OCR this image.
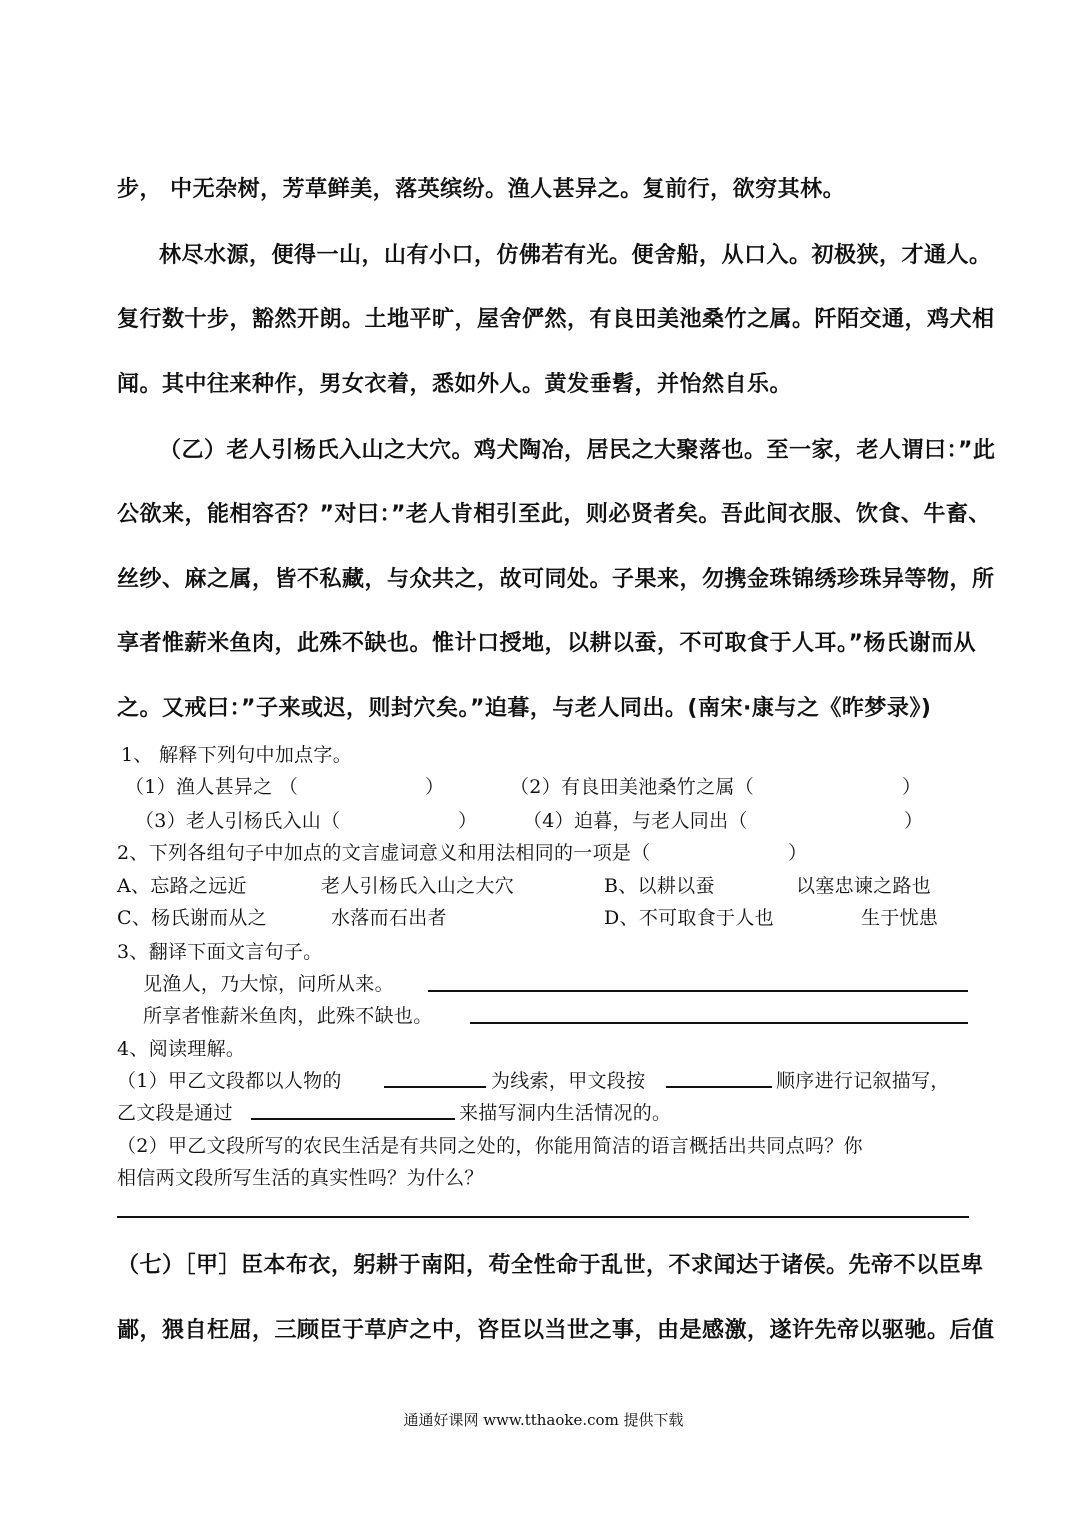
步， 中无杂树，芳草鲜美，落英缤纷。渔人甚异之。复前行，欲穷其林。
林尽水源，便得一山，山有小口，仿佛若有光。便舍船，从口入。初极狭，才通人。
复行数十步，豁然开朗。土地平旷，屋舍俨然，有良田美池桑竹之属。阡陌交通，鸡犬相
闻。其中往来种作，男女衣着，悉如外人。黄发垂髫，并怡然自乐。
（乙）老人引杨氏入山之大穴。鸡犬陶冶，居民之大聚落也。至一家，老人谓曰：”此
公欲来，能相容否？”对曰：”老人肯相引至此，则必贤者矣。吾此间衣服、饮食、牛畜、
丝纱、麻之属，皆不私藏，与众共之，故可同处。子果来，勿携金珠锦绣珍珠异等物，所
享者惟薪米鱼肉，此殊不缺也。惟计口授地，以耕以蚕，不可取食于人耳。”杨氏谢而从
之。又戒曰：”子来或迟，则封穴矣。”迫暮，与老人同出。(南宋·康与之《昨梦录》)
1、 解释下列句中加点字。
（1）渔人甚异之 （	）	（2）有良田美池桑竹之属（	）
（3）老人引杨氏入山（	） （4）迫暮，与老人同出（	）
2、下列各组句子中加点的文言虚词意义和用法相同的一项是（	）
A、忘路之远近	老人引杨氏入山之大穴	B、以耕以蚕	以塞忠谏之路也
C、杨氏谢而从之	水落而石出者	D、不可取食于人也	生于忧患
3、翻译下面文言句子。
见渔人，乃大惊，问所从来。
所享者惟薪米鱼肉，此殊不缺也。
4、阅读理解。
（1）甲乙文段都以人物的	为线索，甲文段按	顺序进行记叙描写，
乙文段是通过	来描写洞内生活情况的。
（2）甲乙文段所写的农民生活是有共同之处的，你能用简洁的语言概括出共同点吗？你
相信两文段所写生活的真实性吗？为什么？
（七）［甲］臣本布衣，躬耕于南阳，苟全性命于乱世，不求闻达于诸侯。先帝不以臣卑
鄙，猥自枉屈，三顾臣于草庐之中，咨臣以当世之事，由是感激，遂许先帝以驱驰。后值
通通好课网 www.tthaoke.com 提供下载
